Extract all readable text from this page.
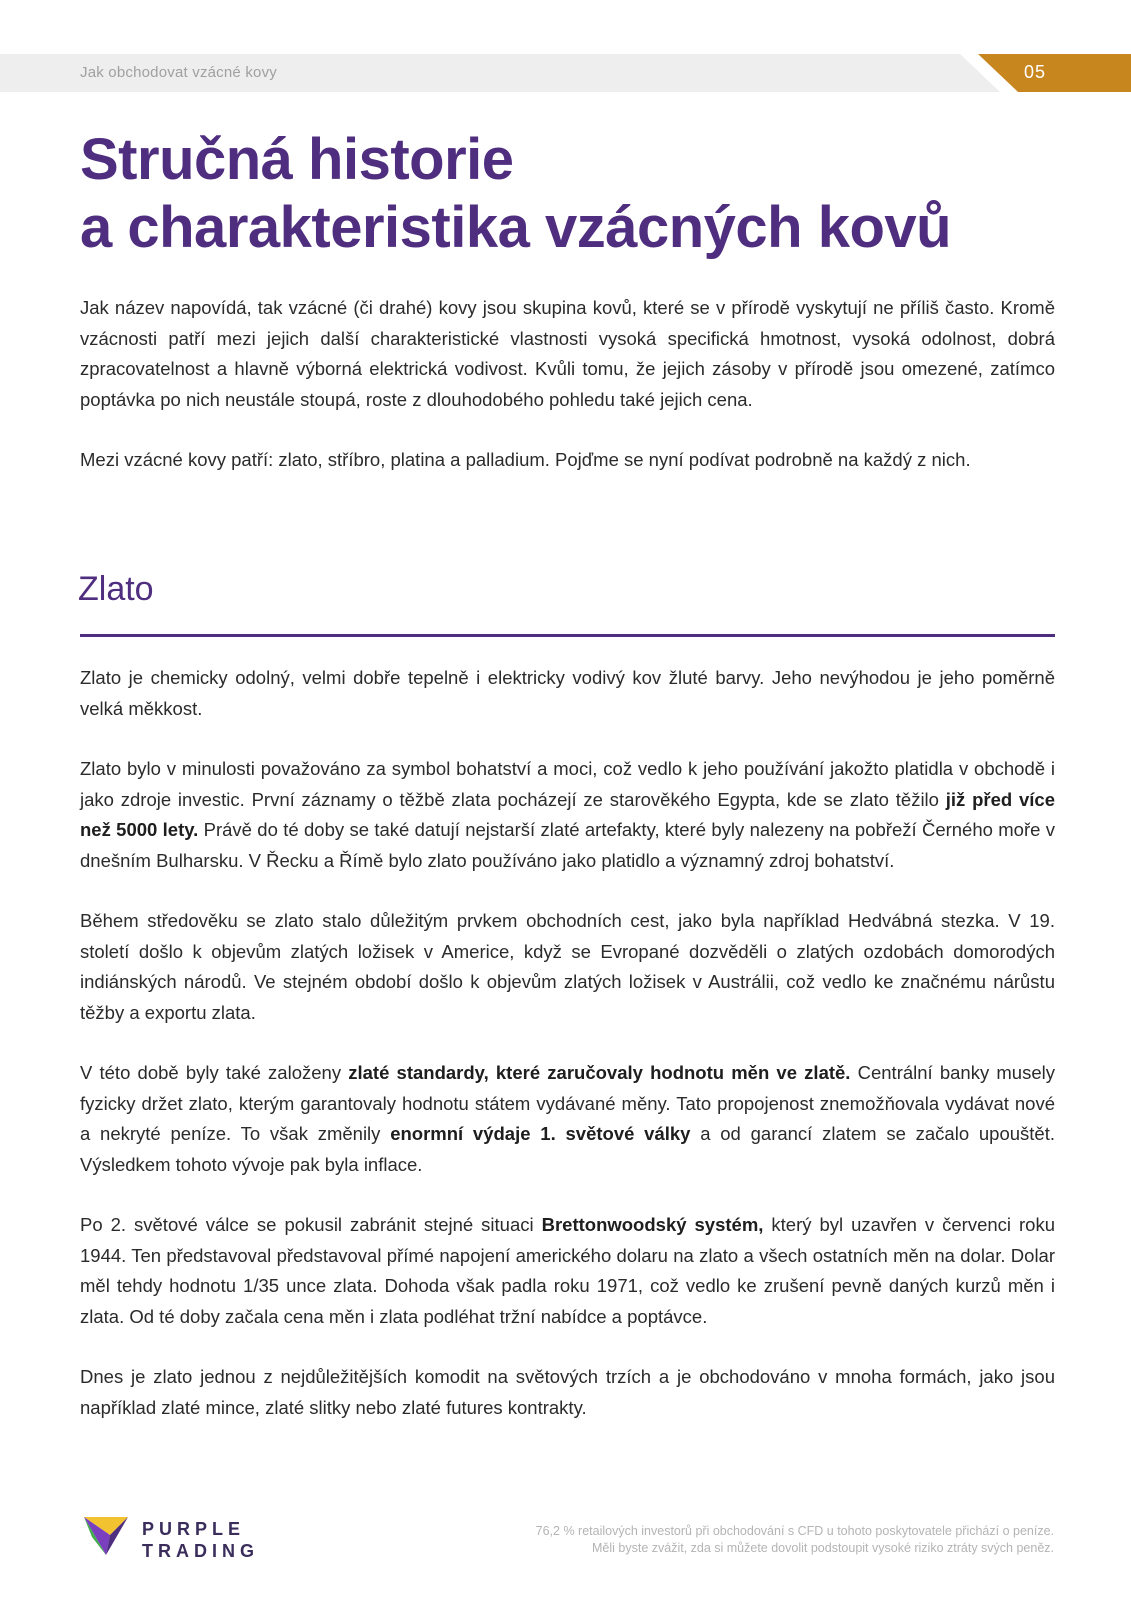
Jak obchodovat vzácné kovy	05
Stručná historie
a charakteristika vzácných kovů

Jak název napovídá, tak vzácné (či drahé) kovy jsou skupina kovů, které se v přírodě vyskytují ne příliš často. Kromě vzácnosti patří mezi jejich další charakteristické vlastnosti vysoká specifická hmotnost, vysoká odolnost, dobrá zpracovatelnost a hlavně výborná elektrická vodivost. Kvůli tomu, že jejich zásoby v přírodě jsou omezené, zatímco poptávka po nich neustále stoupá, roste z dlouhodobého pohledu také jejich cena.

Mezi vzácné kovy patří: zlato, stříbro, platina a palladium. Pojďme se nyní podívat podrobně na každý z nich.

Zlato

Zlato je chemicky odolný, velmi dobře tepelně i elektricky vodivý kov žluté barvy. Jeho nevýhodou je jeho poměrně velká měkkost.

Zlato bylo v minulosti považováno za symbol bohatství a moci, což vedlo k jeho používání jakožto platidla v obchodě i jako zdroje investic. První záznamy o těžbě zlata pocházejí ze starověkého Egypta, kde se zlato těžilo již před více než 5000 lety. Právě do té doby se také datují nejstarší zlaté artefakty, které byly nalezeny na pobřeží Černého moře v dnešním Bulharsku. V Řecku a Římě bylo zlato používáno jako platidlo a významný zdroj bohatství.

Během středověku se zlato stalo důležitým prvkem obchodních cest, jako byla například Hedvábná stezka. V 19. století došlo k objevům zlatých ložisek v Americe, když se Evropané dozvěděli o zlatých ozdobách domorodých indiánských národů. Ve stejném období došlo k objevům zlatých ložisek v Austrálii, což vedlo ke značnému nárůstu těžby a exportu zlata.

V této době byly také založeny zlaté standardy, které zaručovaly hodnotu měn ve zlatě. Centrální banky musely fyzicky držet zlato, kterým garantovaly hodnotu státem vydávané měny. Tato propojenost znemožňovala vydávat nové a nekryté peníze. To však změnily enormní výdaje 1. světové války a od garancí zlatem se začalo upouštět. Výsledkem tohoto vývoje pak byla inflace.

Po 2. světové válce se pokusil zabránit stejné situaci Brettonwoodský systém, který byl uzavřen v červenci roku 1944. Ten představoval představoval přímé napojení amerického dolaru na zlato a všech ostatních měn na dolar. Dolar měl tehdy hodnotu 1/35 unce zlata. Dohoda však padla roku 1971, což vedlo ke zrušení pevně daných kurzů měn i zlata. Od té doby začala cena měn i zlata podléhat tržní nabídce a poptávce.

Dnes je zlato jednou z nejdůležitějších komodit na světových trzích a je obchodováno v mnoha formách, jako jsou například zlaté mince, zlaté slitky nebo zlaté futures kontrakty.

PURPLE
TRADING
76,2 % retailových investorů při obchodování s CFD u tohoto poskytovatele přichází o peníze.
Měli byste zvážit, zda si můžete dovolit podstoupit vysoké riziko ztráty svých peněz.
